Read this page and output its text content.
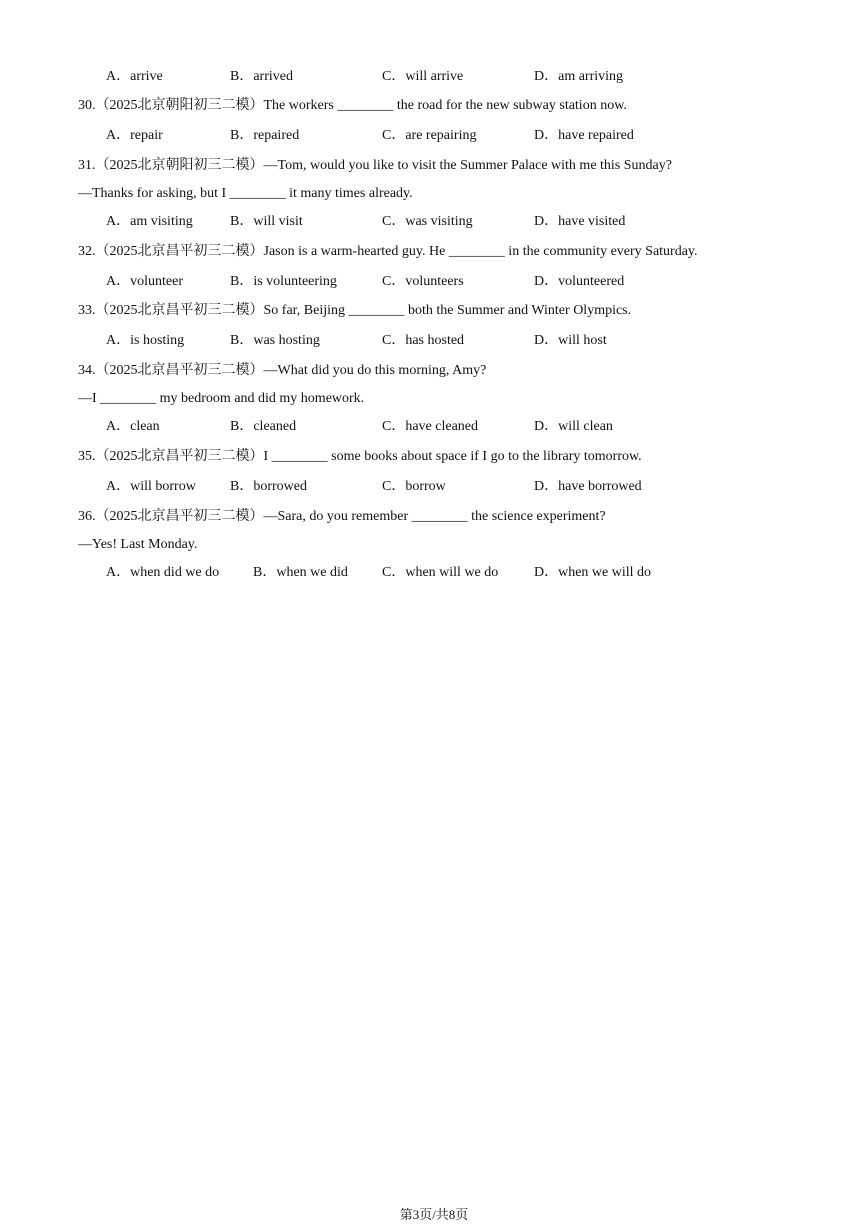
A．arrive	B．arrived	C．will arrive	D．am arriving
30.（2025北京朝阳初三二模）The workers ________ the road for the new subway station now.
A．repair	B．repaired	C．are repairing	D．have repaired
31.（2025北京朝阳初三二模）—Tom, would you like to visit the Summer Palace with me this Sunday?
—Thanks for asking, but I ________ it many times already.
A．am visiting	B．will visit	C．was visiting	D．have visited
32.（2025北京昌平初三二模）Jason is a warm-hearted guy. He ________ in the community every Saturday.
A．volunteer	B．is volunteering	C．volunteers	D．volunteered
33.（2025北京昌平初三二模）So far, Beijing ________ both the Summer and Winter Olympics.
A．is hosting	B．was hosting	C．has hosted	D．will host
34.（2025北京昌平初三二模）—What did you do this morning, Amy?
—I ________ my bedroom and did my homework.
A．clean	B．cleaned	C．have cleaned	D．will clean
35.（2025北京昌平初三二模）I ________ some books about space if I go to the library tomorrow.
A．will borrow B．borrowed	C．borrow	D．have borrowed
36.（2025北京昌平初三二模）—Sara, do you remember ________ the science experiment?
—Yes! Last Monday.
A．when did we do B．when we did C．when will we do	D．when we will do
第3页/共8页
